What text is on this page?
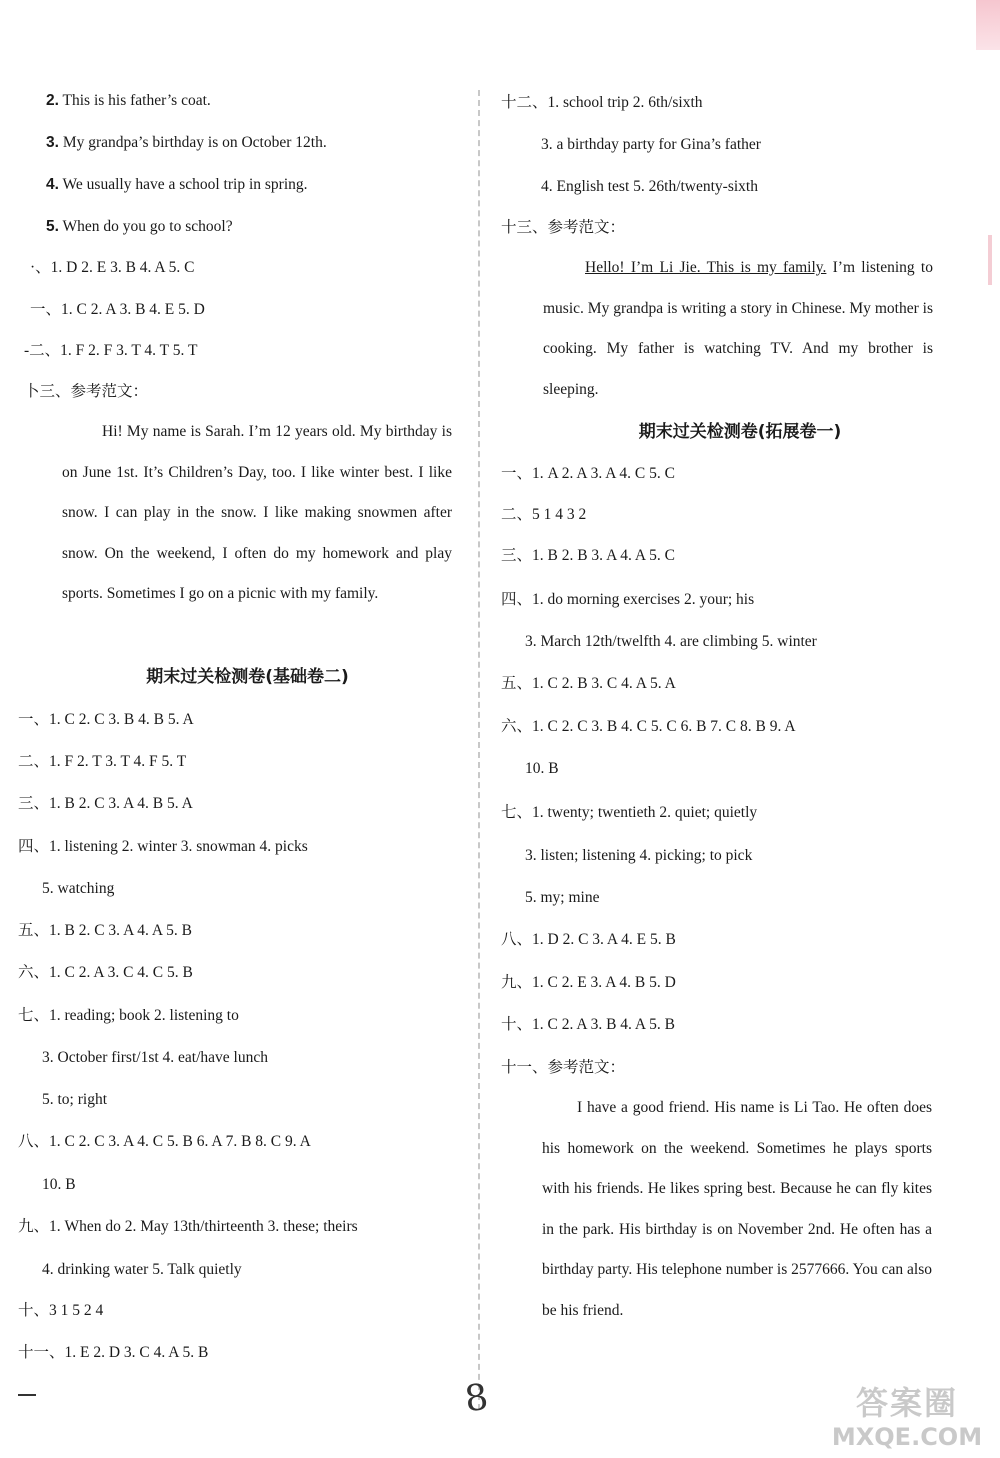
2. This is his father’s coat.
3. My grandpa’s birthday is on October 12th.
4. We usually have a school trip in spring.
5. When do you go to school?
·、1. D 2. E 3. B 4. A 5. C
一、1. C 2. A 3. B 4. E 5. D
-二、1. F 2. F 3. T 4. T 5. T
卜三、参考范文：
Hi! My name is Sarah. I’m 12 years old. My birthday is on June 1st. It’s Children’s Day, too. I like winter best. I like snow. I can play in the snow. I like making snowmen after snow. On the weekend, I often do my homework and play sports. Sometimes I go on a picnic with my family.
期末过关检测卷(基础卷二)
一、1. C 2. C 3. B 4. B 5. A
二、1. F 2. T 3. T 4. F 5. T
三、1. B 2. C 3. A 4. B 5. A
四、1. listening 2. winter 3. snowman 4. picks
5. watching
五、1. B 2. C 3. A 4. A 5. B
六、1. C 2. A 3. C 4. C 5. B
七、1. reading; book 2. listening to
3. October first/1st 4. eat/have lunch
5. to; right
八、1. C 2. C 3. A 4. C 5. B 6. A 7. B 8. C 9. A
10. B
九、1. When do 2. May 13th/thirteenth 3. these; theirs
4. drinking water 5. Talk quietly
十、3 1 5 2 4
十一、1. E 2. D 3. C 4. A 5. B
十二、1. school trip 2. 6th/sixth
3. a birthday party for Gina’s father
4. English test 5. 26th/twenty-sixth
十三、参考范文：
Hello! I’m Li Jie. This is my family. I’m listening to music. My grandpa is writing a story in Chinese. My mother is cooking. My father is watching TV. And my brother is sleeping.
期末过关检测卷(拓展卷一)
一、1. A 2. A 3. A 4. C 5. C
二、5 1 4 3 2
三、1. B 2. B 3. A 4. A 5. C
四、1. do morning exercises 2. your; his
3. March 12th/twelfth 4. are climbing 5. winter
五、1. C 2. B 3. C 4. A 5. A
六、1. C 2. C 3. B 4. C 5. C 6. B 7. C 8. B 9. A
10. B
七、1. twenty; twentieth 2. quiet; quietly
3. listen; listening 4. picking; to pick
5. my; mine
八、1. D 2. C 3. A 4. E 5. B
九、1. C 2. E 3. A 4. B 5. D
十、1. C 2. A 3. B 4. A 5. B
十一、参考范文：
I have a good friend. His name is Li Tao. He often does his homework on the weekend. Sometimes he plays sports with his friends. He likes spring best. Because he can fly kites in the park. His birthday is on November 2nd. He often has a birthday party. His telephone number is 2577666. You can also be his friend.
8	答案圈
MXQE.COM
